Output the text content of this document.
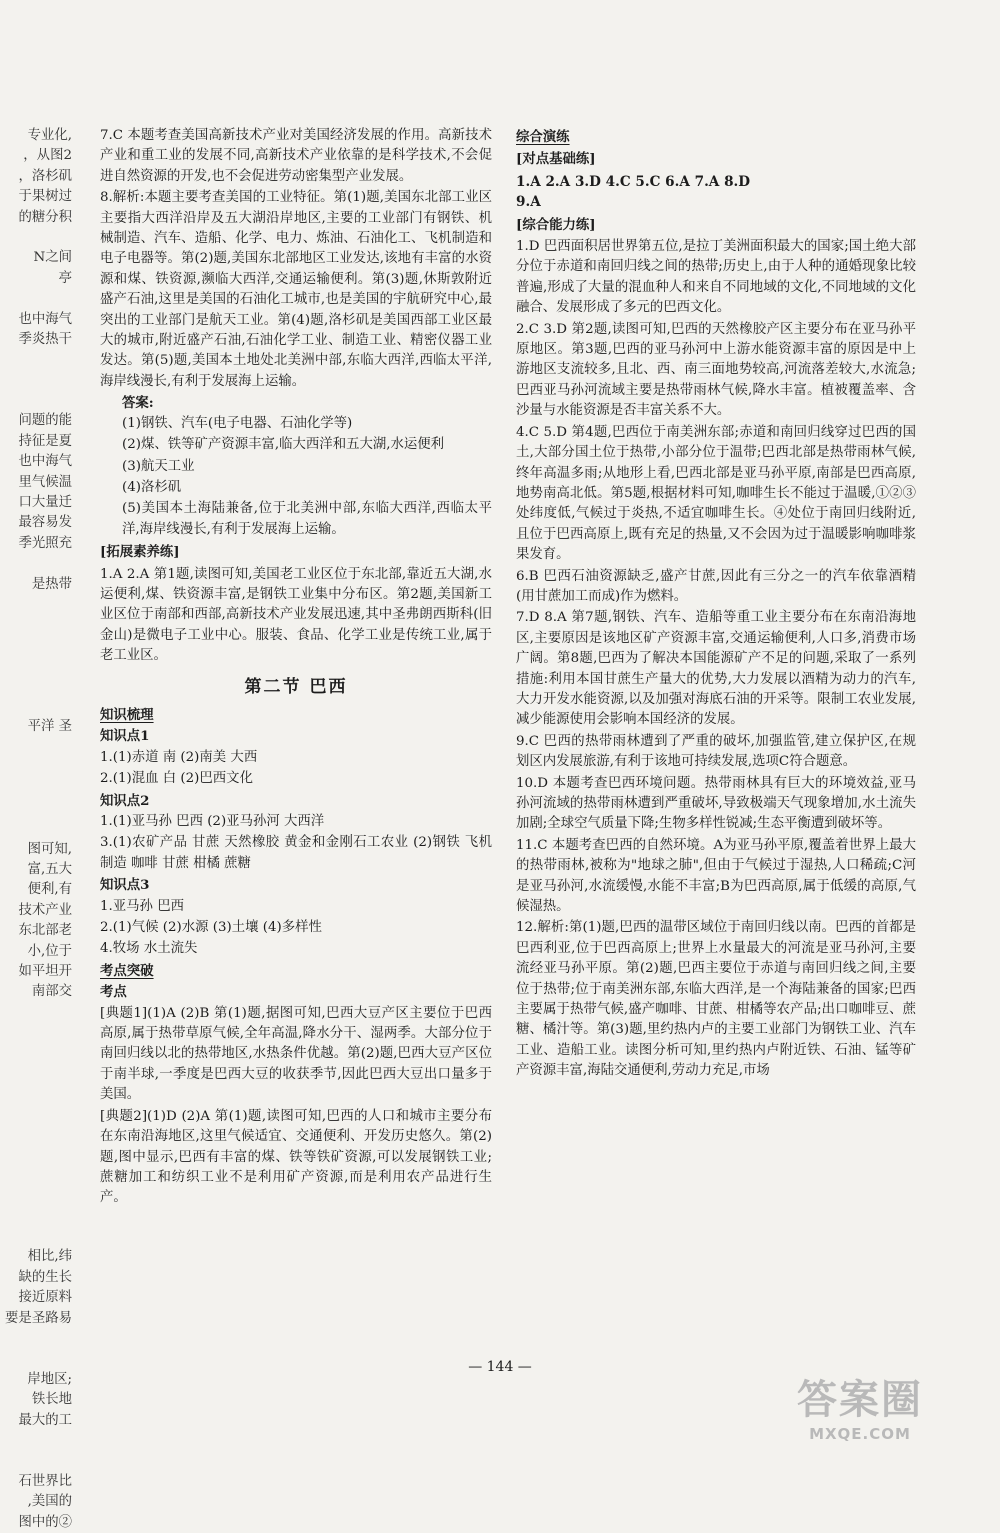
专业化,
，从图2
，洛杉矶
于果树过
的糖分积
N之间
亭
也中海气
季炎热干
问题的能
持征是夏
也中海气
里气候温
口大量迁
最容易发
季光照充
是热带
平洋 圣
图可知,
富,五大
便利,有
技术产业
东北部老
小,位于
如平坦开
南部交
相比,纬
缺的生长
接近原料
要是圣路易
岸地区;
铁长地
最大的工
石世界比
,美国的
图中的②

7.C 本题考查美国高新技术产业对美国经济发展的作用。高新技术产业和重工业的发展不同,高新技术产业依靠的是科学技术,不会促进自然资源的开发,也不会促进劳动密集型产业发展。

8.解析:本题主要考查美国的工业特征。第(1)题,美国东北部工业区主要指大西洋沿岸及五大湖沿岸地区,主要的工业部门有钢铁、机械制造、汽车、造船、化学、电力、炼油、石油化工、飞机制造和电子电器等。第(2)题,美国东北部地区工业发达,该地有丰富的水资源和煤、铁资源,濒临大西洋,交通运输便利。第(3)题,休斯敦附近盛产石油,这里是美国的石油化工城市,也是美国的宇航研究中心,最突出的工业部门是航天工业。第(4)题,洛杉矶是美国西部工业区最大的城市,附近盛产石油,石油化学工业、制造工业、精密仪器工业发达。第(5)题,美国本土地处北美洲中部,东临大西洋,西临太平洋,海岸线漫长,有利于发展海上运输。

答案:
(1)钢铁、汽车(电子电器、石油化学等)
(2)煤、铁等矿产资源丰富,临大西洋和五大湖,水运便利
(3)航天工业
(4)洛杉矶
(5)美国本土海陆兼备,位于北美洲中部,东临大西洋,西临太平洋,海岸线漫长,有利于发展海上运输。
[拓展素养练]

1.A 2.A 第1题,读图可知,美国老工业区位于东北部,靠近五大湖,水运便利,煤、铁资源丰富,是钢铁工业集中分布区。第2题,美国新工业区位于南部和西部,高新技术产业发展迅速,其中圣弗朗西斯科(旧金山)是微电子工业中心。服装、食品、化学工业是传统工业,属于老工业区。

第二节 巴西
知识梳理
知识点1
1.(1)赤道 南 (2)南美 大西
2.(1)混血 白 (2)巴西文化
知识点2
1.(1)亚马孙 巴西 (2)亚马孙河 大西洋
3.(1)农矿产品 甘蔗 天然橡胶 黄金和金刚石工农业 (2)钢铁 飞机制造 咖啡 甘蔗 柑橘 蔗糖
知识点3
1.亚马孙 巴西
2.(1)气候 (2)水源 (3)土壤 (4)多样性
4.牧场 水土流失
考点突破
考点

[典题1](1)A (2)B 第(1)题,据图可知,巴西大豆产区主要位于巴西高原,属于热带草原气候,全年高温,降水分干、湿两季。大部分位于南回归线以北的热带地区,水热条件优越。第(2)题,巴西大豆产区位于南半球,一季度是巴西大豆的收获季节,因此巴西大豆出口量多于美国。

[典题2](1)D (2)A 第(1)题,读图可知,巴西的人口和城市主要分布在东南沿海地区,这里气候适宜、交通便利、开发历史悠久。第(2)题,图中显示,巴西有丰富的煤、铁等铁矿资源,可以发展钢铁工业;蔗糖加工和纺织工业不是利用矿产资源,而是利用农产品进行生产。

综合演练
[对点基础练]
1.A 2.A 3.D 4.C 5.C 6.A 7.A 8.D
9.A
[综合能力练]

1.D 巴西面积居世界第五位,是拉丁美洲面积最大的国家;国土绝大部分位于赤道和南回归线之间的热带;历史上,由于人种的通婚现象比较普遍,形成了大量的混血种人和来自不同地域的文化,不同地域的文化融合、发展形成了多元的巴西文化。

2.C 3.D 第2题,读图可知,巴西的天然橡胶产区主要分布在亚马孙平原地区。第3题,巴西的亚马孙河中上游水能资源丰富的原因是中上游地区支流较多,且北、西、南三面地势较高,河流落差较大,水流急;巴西亚马孙河流域主要是热带雨林气候,降水丰富。植被覆盖率、含沙量与水能资源是否丰富关系不大。

4.C 5.D 第4题,巴西位于南美洲东部;赤道和南回归线穿过巴西的国土,大部分国土位于热带,小部分位于温带;巴西北部是热带雨林气候,终年高温多雨;从地形上看,巴西北部是亚马孙平原,南部是巴西高原,地势南高北低。第5题,根据材料可知,咖啡生长不能过于温暖,①②③处纬度低,气候过于炎热,不适宜咖啡生长。④处位于南回归线附近,且位于巴西高原上,既有充足的热量,又不会因为过于温暖影响咖啡浆果发育。

6.B 巴西石油资源缺乏,盛产甘蔗,因此有三分之一的汽车依靠酒精(用甘蔗加工而成)作为燃料。

7.D 8.A 第7题,钢铁、汽车、造船等重工业主要分布在东南沿海地区,主要原因是该地区矿产资源丰富,交通运输便利,人口多,消费市场广阔。第8题,巴西为了解决本国能源矿产不足的问题,采取了一系列措施:利用本国甘蔗生产量大的优势,大力发展以酒精为动力的汽车,大力开发水能资源,以及加强对海底石油的开采等。限制工农业发展,减少能源使用会影响本国经济的发展。

9.C 巴西的热带雨林遭到了严重的破坏,加强监管,建立保护区,在规划区内发展旅游,有利于该地可持续发展,选项C符合题意。

10.D 本题考查巴西环境问题。热带雨林具有巨大的环境效益,亚马孙河流域的热带雨林遭到严重破坏,导致极端天气现象增加,水土流失加剧;全球空气质量下降;生物多样性锐减;生态平衡遭到破坏等。

11.C 本题考查巴西的自然环境。A为亚马孙平原,覆盖着世界上最大的热带雨林,被称为"地球之肺",但由于气候过于湿热,人口稀疏;C河是亚马孙河,水流缓慢,水能不丰富;B为巴西高原,属于低缓的高原,气候湿热。

12.解析:第(1)题,巴西的温带区域位于南回归线以南。巴西的首都是巴西利亚,位于巴西高原上;世界上水量最大的河流是亚马孙河,主要流经亚马孙平原。第(2)题,巴西主要位于赤道与南回归线之间,主要位于热带;位于南美洲东部,东临大西洋,是一个海陆兼备的国家;巴西主要属于热带气候,盛产咖啡、甘蔗、柑橘等农产品;出口咖啡豆、蔗糖、橘汁等。第(3)题,里约热内卢的主要工业部门为钢铁工业、汽车工业、造船工业。读图分析可知,里约热内卢附近铁、石油、锰等矿产资源丰富,海陆交通便利,劳动力充足,市场

— 144 —
答案圈
MXQE.COM
